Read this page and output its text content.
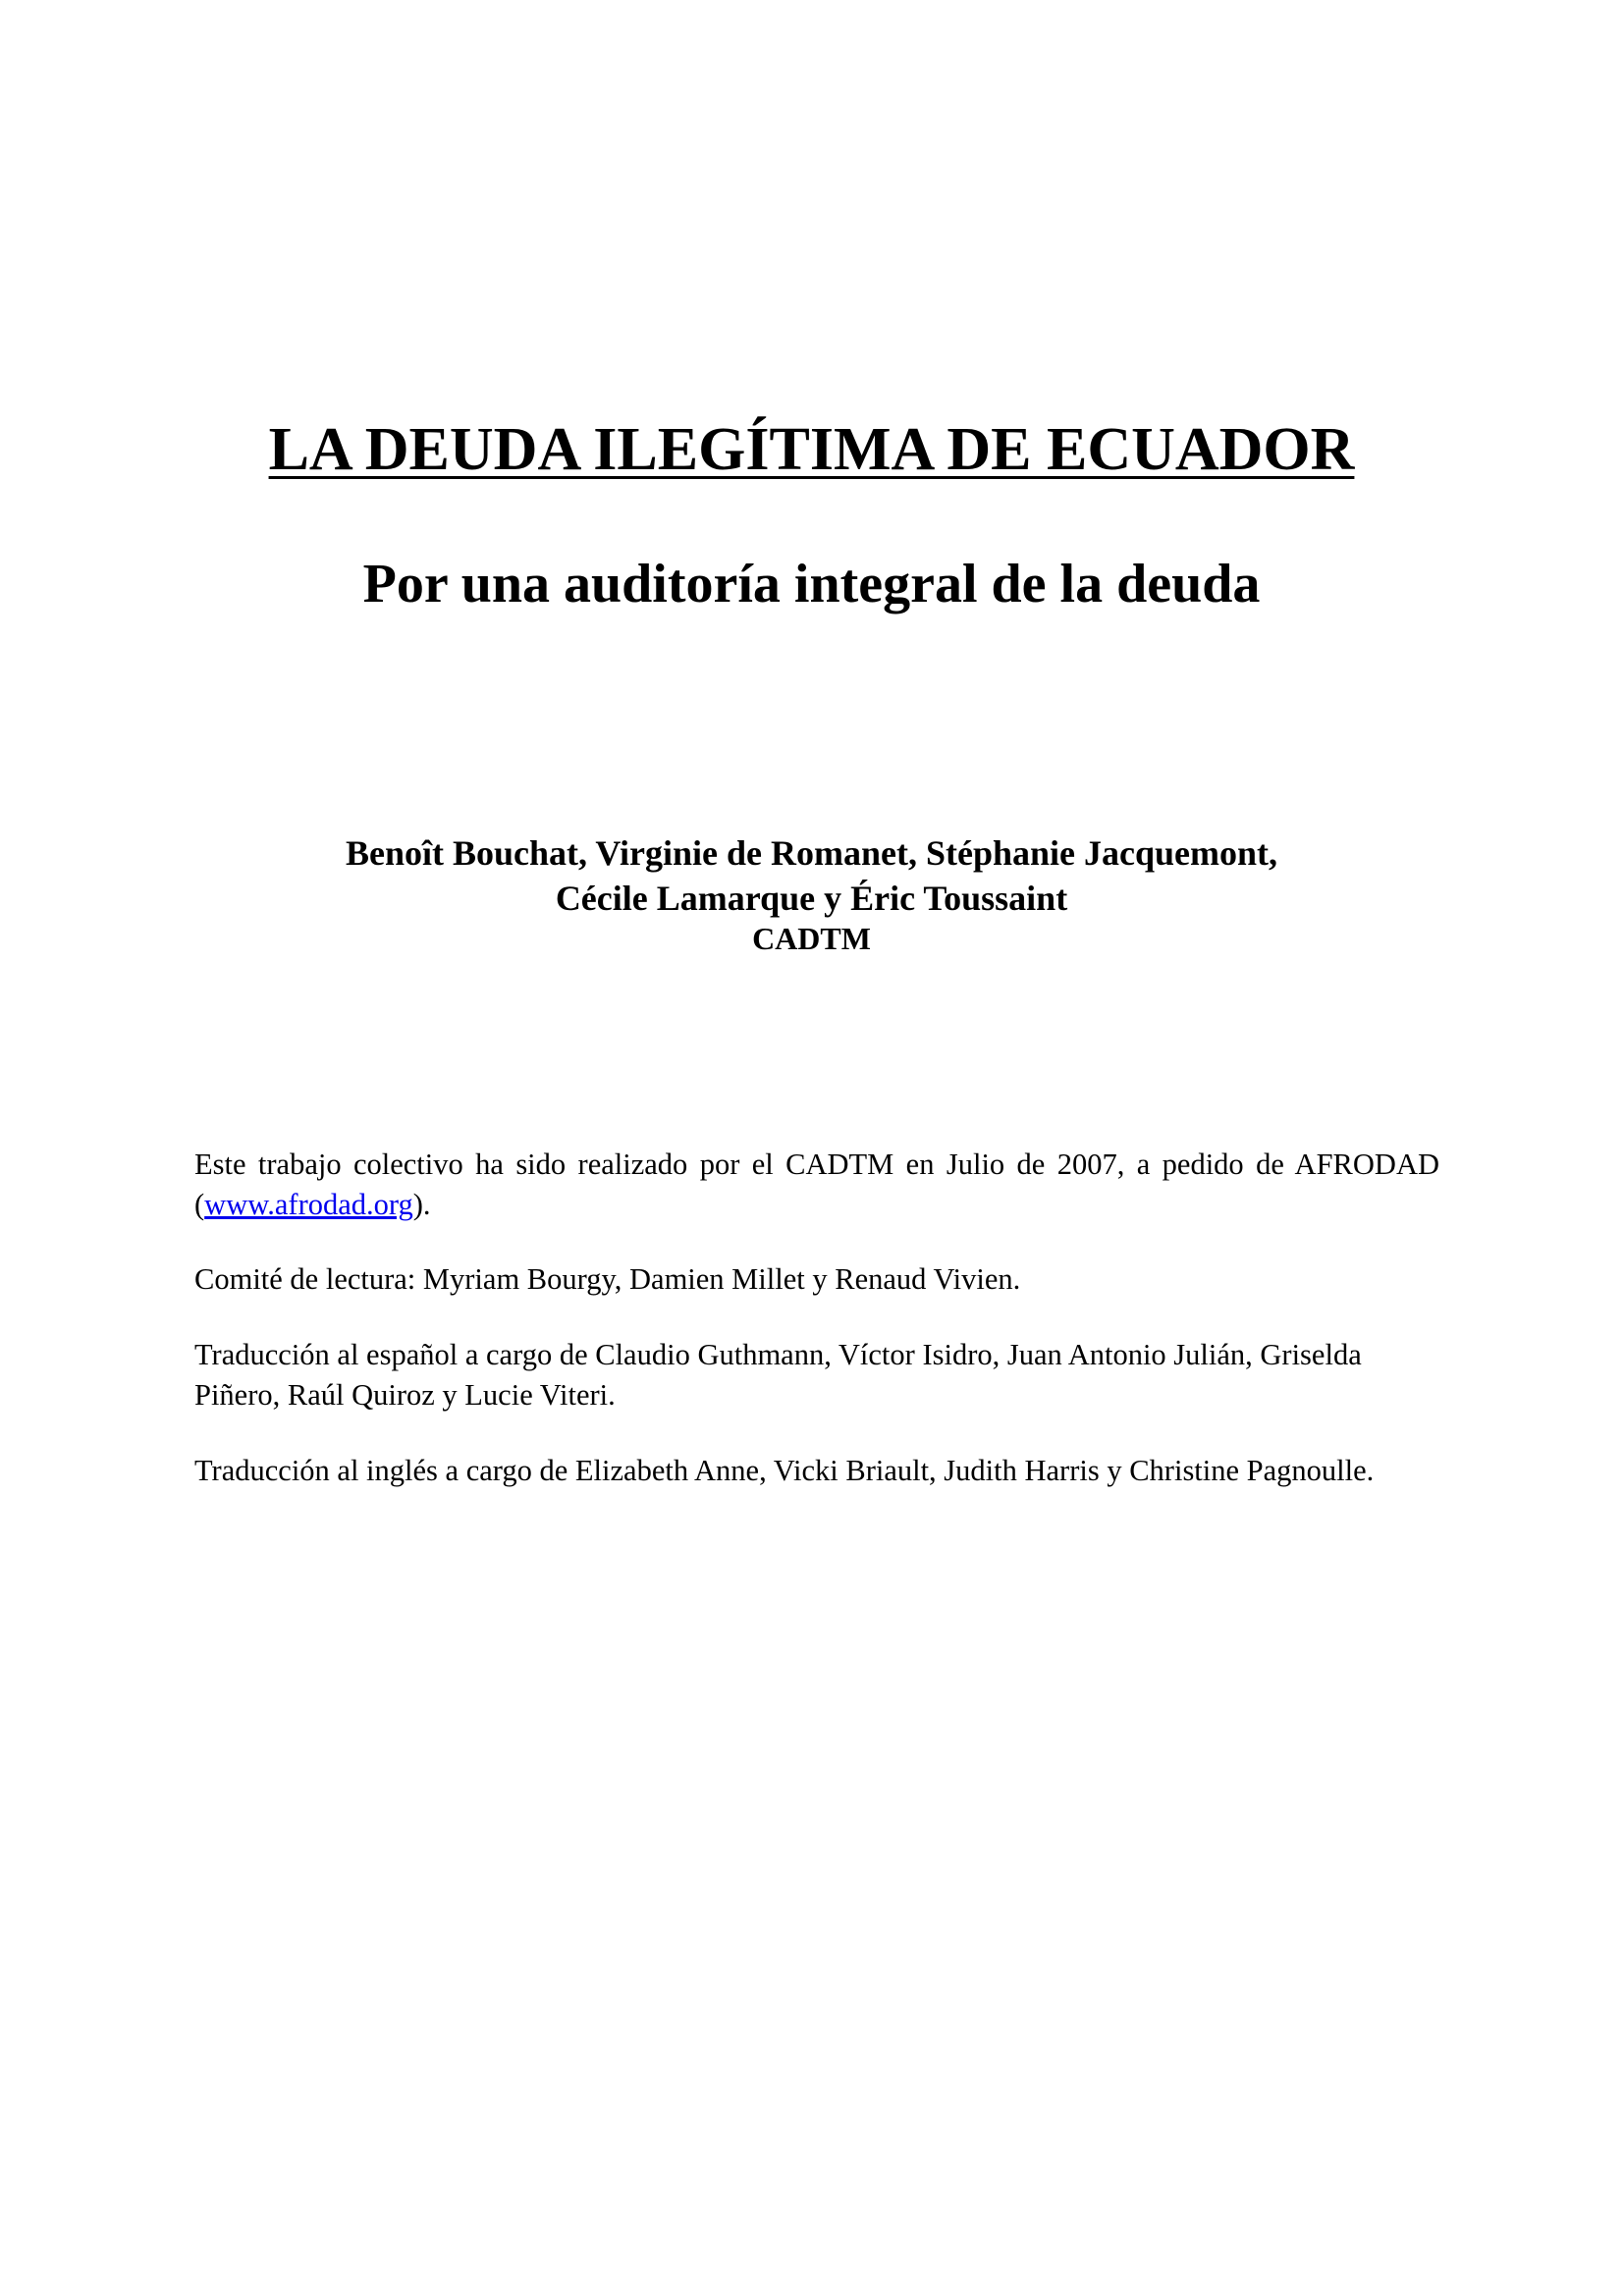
LA DEUDA ILEGÍTIMA DE ECUADOR
Por una auditoría integral de la deuda
Benoît Bouchat, Virginie de Romanet, Stéphanie Jacquemont,
Cécile Lamarque y Éric Toussaint
CADTM

Este trabajo colectivo ha sido realizado por el CADTM en Julio de 2007, a pedido de AFRODAD (www.afrodad.org).

Comité de lectura: Myriam Bourgy, Damien Millet y Renaud Vivien.

Traducción al español a cargo de Claudio Guthmann, Víctor Isidro, Juan Antonio Julián, Griselda Piñero, Raúl Quiroz y Lucie Viteri.

Traducción al inglés a cargo de Elizabeth Anne, Vicki Briault, Judith Harris y Christine Pagnoulle.
